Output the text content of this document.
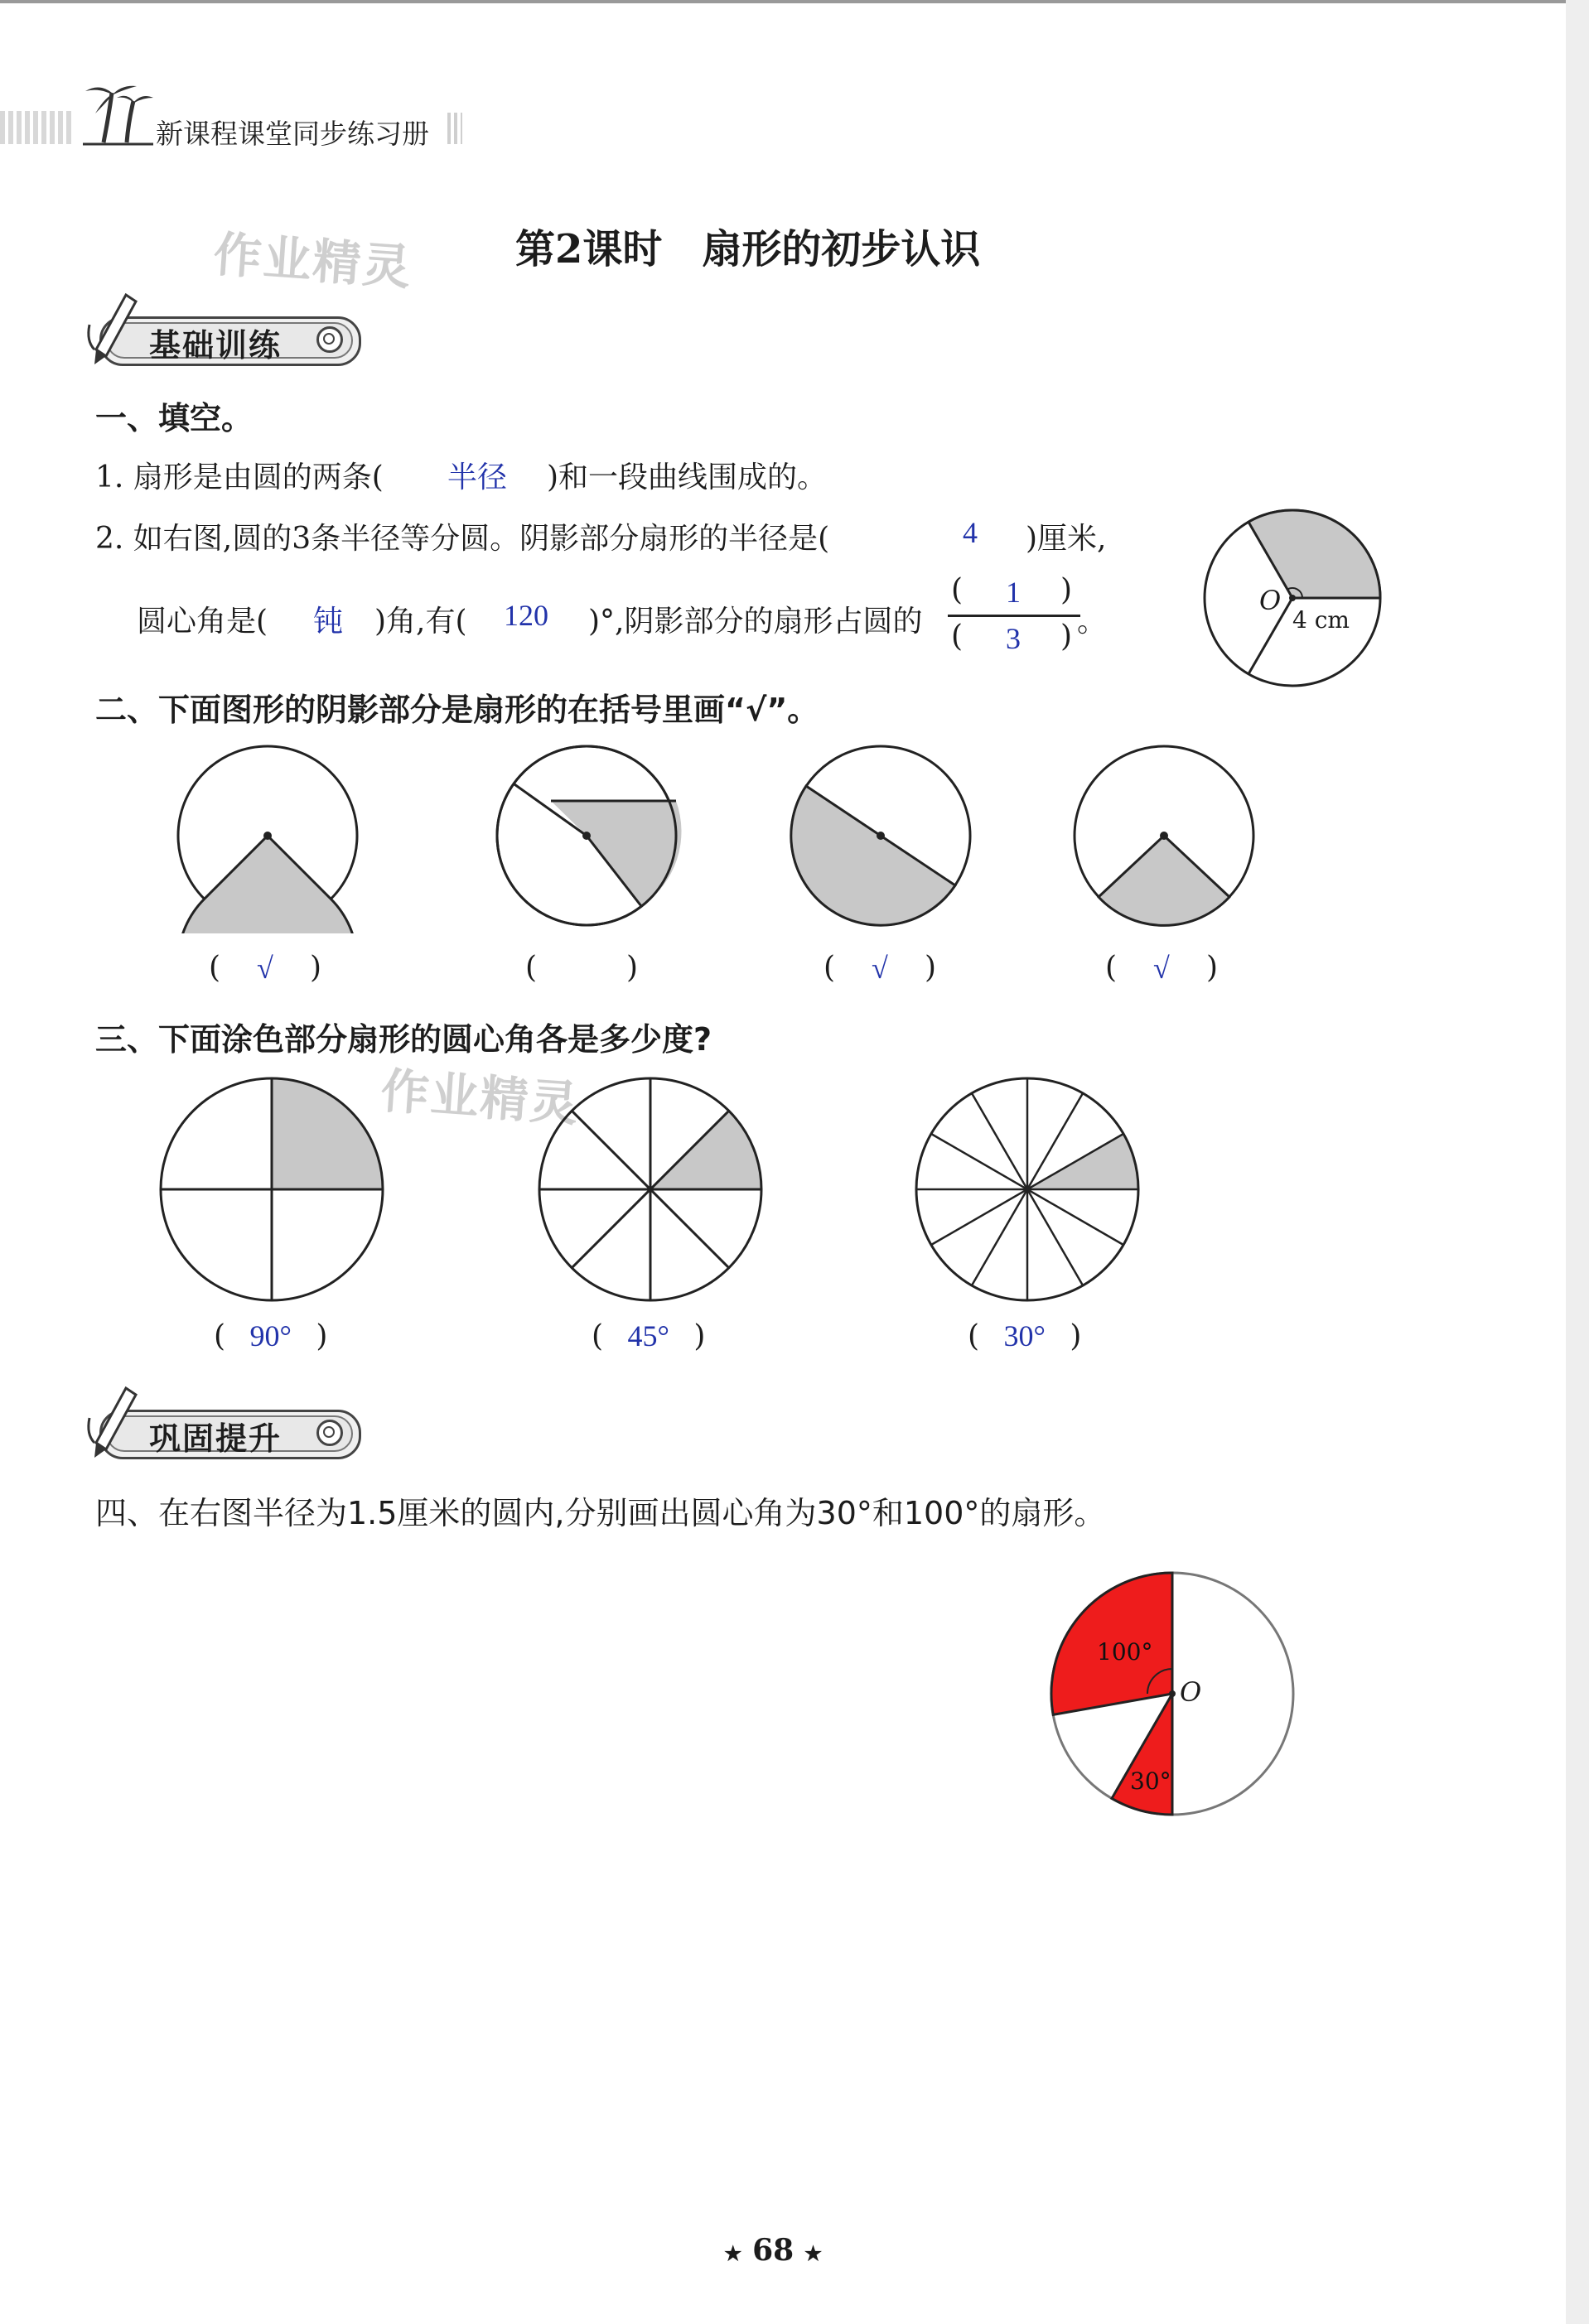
新课程课堂同步练习册
作业精灵	第2课时　扇形的初步认识
基础训练
一、填空。
1. 扇形是由圆的两条( 半径 )和一段曲线围成的。
2. 如右图,圆的3条半径等分圆。阴影部分扇形的半径是(	4 )厘米,
圆心角是( 钝 )角,有( 120 )°,阴影部分的扇形占圆的
( 1 )
( 3 ) 。
O
4 cm
二、下面图形的阴影部分是扇形的在括号里画“√”。
( √ )	(	)	( √ )	( √ )
三、下面涂色部分扇形的圆心角各是多少度?
作业精灵
( 90° )	( 45° )	( 30° )
巩固提升
四、在右图半径为1.5厘米的圆内,分别画出圆心角为30°和100°的扇形。
100°
30°
O
★ 68 ★
